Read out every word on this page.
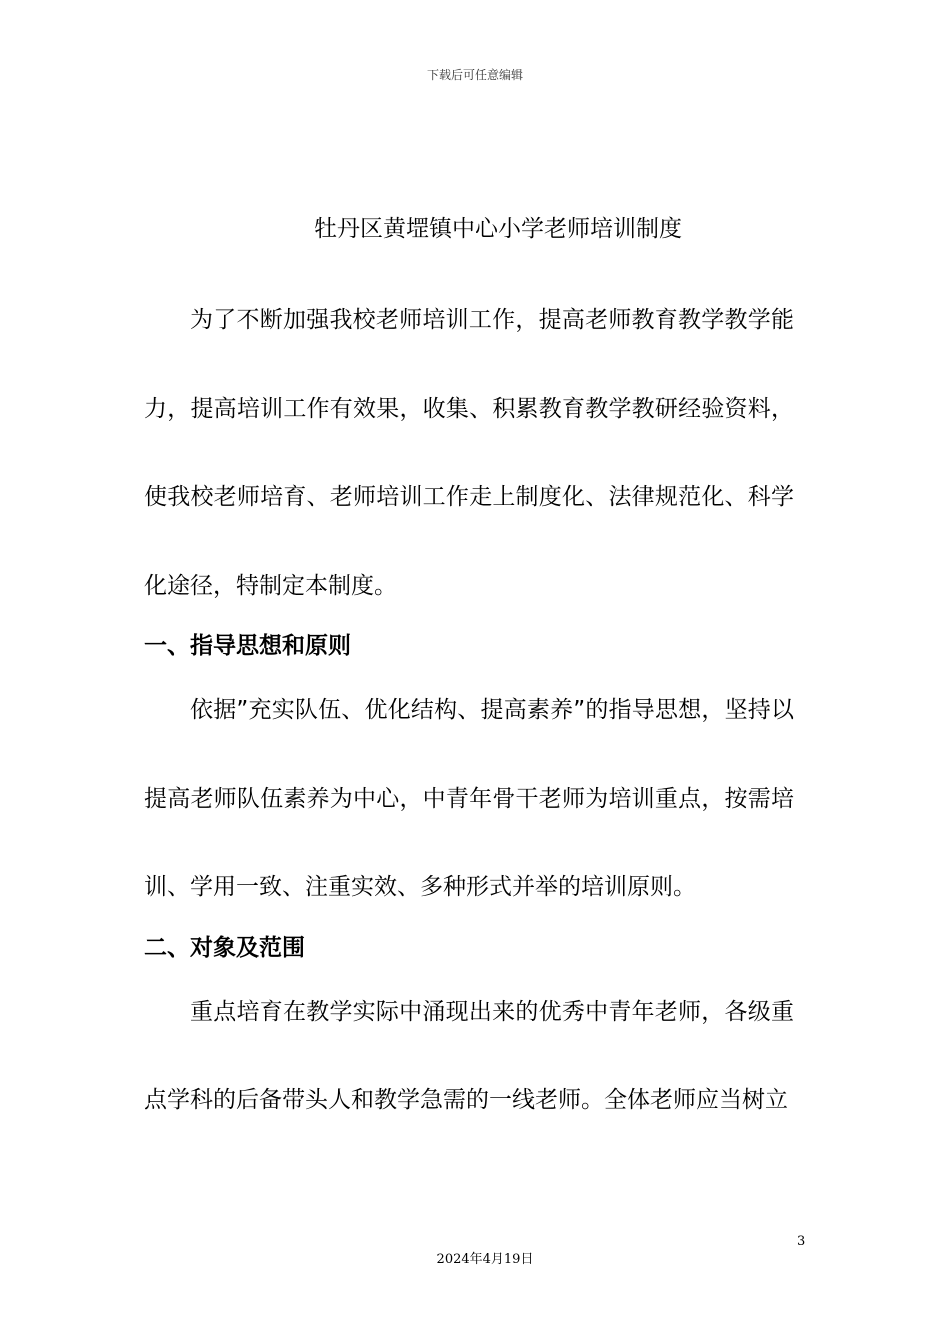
下载后可任意编辑
牡丹区黄堽镇中心小学老师培训制度

为了不断加强我校老师培训工作，提高老师教育教学教学能力，提高培训工作有效果，收集、积累教育教学教研经验资料，使我校老师培育、老师培训工作走上制度化、法律规范化、科学化途径，特制定本制度。

一、指导思想和原则

依据”充实队伍、优化结构、提高素养”的指导思想，坚持以提高老师队伍素养为中心，中青年骨干老师为培训重点，按需培训、学用一致、注重实效、多种形式并举的培训原则。

二、对象及范围

重点培育在教学实际中涌现出来的优秀中青年老师，各级重点学科的后备带头人和教学急需的一线老师。全体老师应当树立

3
2024年4月19日
